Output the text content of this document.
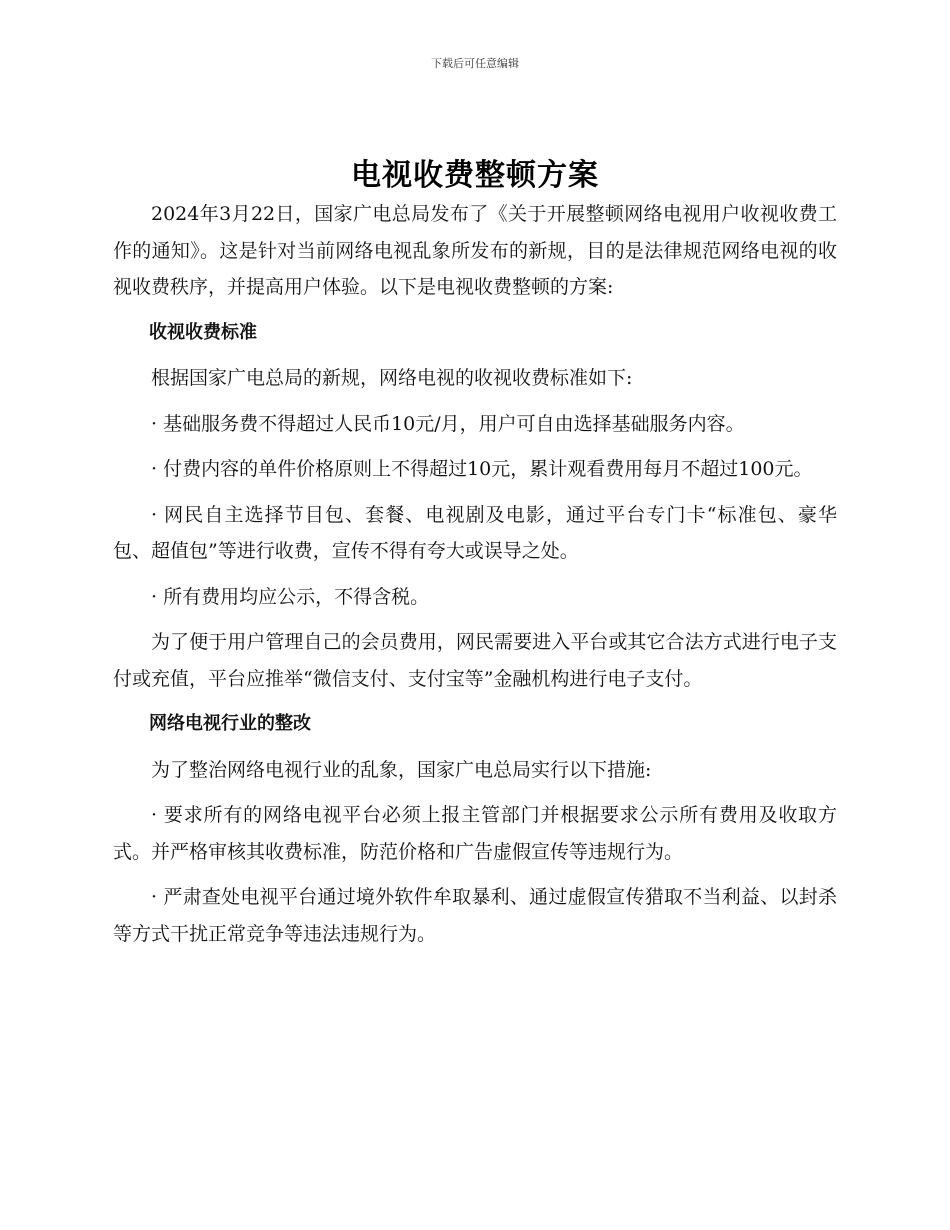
下载后可任意编辑
电视收费整顿方案

2024年3月22日，国家广电总局发布了《关于开展整顿网络电视用户收视收费工作的通知》。这是针对当前网络电视乱象所发布的新规，目的是法律规范网络电视的收视收费秩序，并提高用户体验。以下是电视收费整顿的方案:

收视收费标准

根据国家广电总局的新规，网络电视的收视收费标准如下:

· 基础服务费不得超过人民币10元/月，用户可自由选择基础服务内容。

· 付费内容的单件价格原则上不得超过10元，累计观看费用每月不超过100元。

· 网民自主选择节目包、套餐、电视剧及电影，通过平台专门卡“标准包、豪华包、超值包”等进行收费，宣传不得有夸大或误导之处。

· 所有费用均应公示，不得含税。

为了便于用户管理自己的会员费用，网民需要进入平台或其它合法方式进行电子支付或充值，平台应推举“微信支付、支付宝等”金融机构进行电子支付。

网络电视行业的整改

为了整治网络电视行业的乱象，国家广电总局实行以下措施:

· 要求所有的网络电视平台必须上报主管部门并根据要求公示所有费用及收取方式。并严格审核其收费标准，防范价格和广告虚假宣传等违规行为。

· 严肃查处电视平台通过境外软件牟取暴利、通过虚假宣传猎取不当利益、以封杀等方式干扰正常竞争等违法违规行为。
